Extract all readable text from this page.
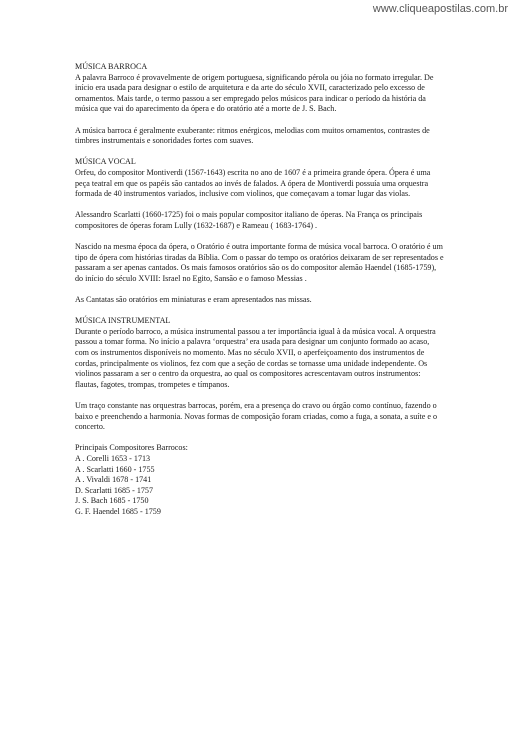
www.cliqueapostilas.com.br
MÚSICA BARROCA
A palavra Barroco é provavelmente de origem portuguesa, significando pérola ou jóia no formato irregular. De início era usada para designar o estilo de arquitetura e da arte do século XVII, caracterizado pelo excesso de ornamentos. Mais tarde, o termo passou a ser empregado pelos músicos para indicar o período da história da música que vai do aparecimento da ópera e do oratório até a morte de J. S. Bach.
A música barroca é geralmente exuberante: ritmos enérgicos, melodias com muitos ornamentos, contrastes de timbres instrumentais e sonoridades fortes com suaves.
MÚSICA VOCAL
Orfeu, do compositor Montiverdi (1567-1643) escrita no ano de 1607 é a primeira grande ópera. Ópera é uma peça teatral em que os papéis são cantados ao invés de falados. A ópera de Montiverdi possuía uma orquestra formada de 40 instrumentos variados, inclusive com violinos, que começavam a tomar lugar das violas.
Alessandro Scarlatti (1660-1725) foi o mais popular compositor italiano de óperas. Na França os principais compositores de óperas foram Lully (1632-1687) e Rameau ( 1683-1764) .
Nascido na mesma época da ópera, o Oratório é outra importante forma de música vocal barroca. O oratório é um tipo de ópera com histórias tiradas da Bíblia. Com o passar do tempo os oratórios deixaram de ser representados e passaram a ser apenas cantados. Os mais famosos oratórios são os do compositor alemão Haendel (1685-1759), do início do século XVIII: Israel no Egito, Sansão e o famoso Messias .
As Cantatas são oratórios em miniaturas e eram apresentados nas missas.
MÚSICA INSTRUMENTAL
Durante o período barroco, a música instrumental passou a ter importância igual à da música vocal. A orquestra passou a tomar forma. No início a palavra ‘orquestra’ era usada para designar um conjunto formado ao acaso, com os instrumentos disponíveis no momento. Mas no século XVII, o aperfeiçoamento dos instrumentos de cordas, principalmente os violinos, fez com que a seção de cordas se tornasse uma unidade independente. Os violinos passaram a ser o centro da orquestra, ao qual os compositores acrescentavam outros instrumentos: flautas, fagotes, trompas, trompetes e tímpanos.
Um traço constante nas orquestras barrocas, porém, era a presença do cravo ou órgão como contínuo, fazendo o baixo e preenchendo a harmonia. Novas formas de composição foram criadas, como a fuga, a sonata, a suíte e o concerto.
Principais Compositores Barrocos:
A . Corelli 1653 - 1713
A . Scarlatti 1660 - 1755
A . Vivaldi 1678 - 1741
D. Scarlatti 1685 - 1757
J. S. Bach 1685 - 1750
G. F. Haendel 1685 - 1759
